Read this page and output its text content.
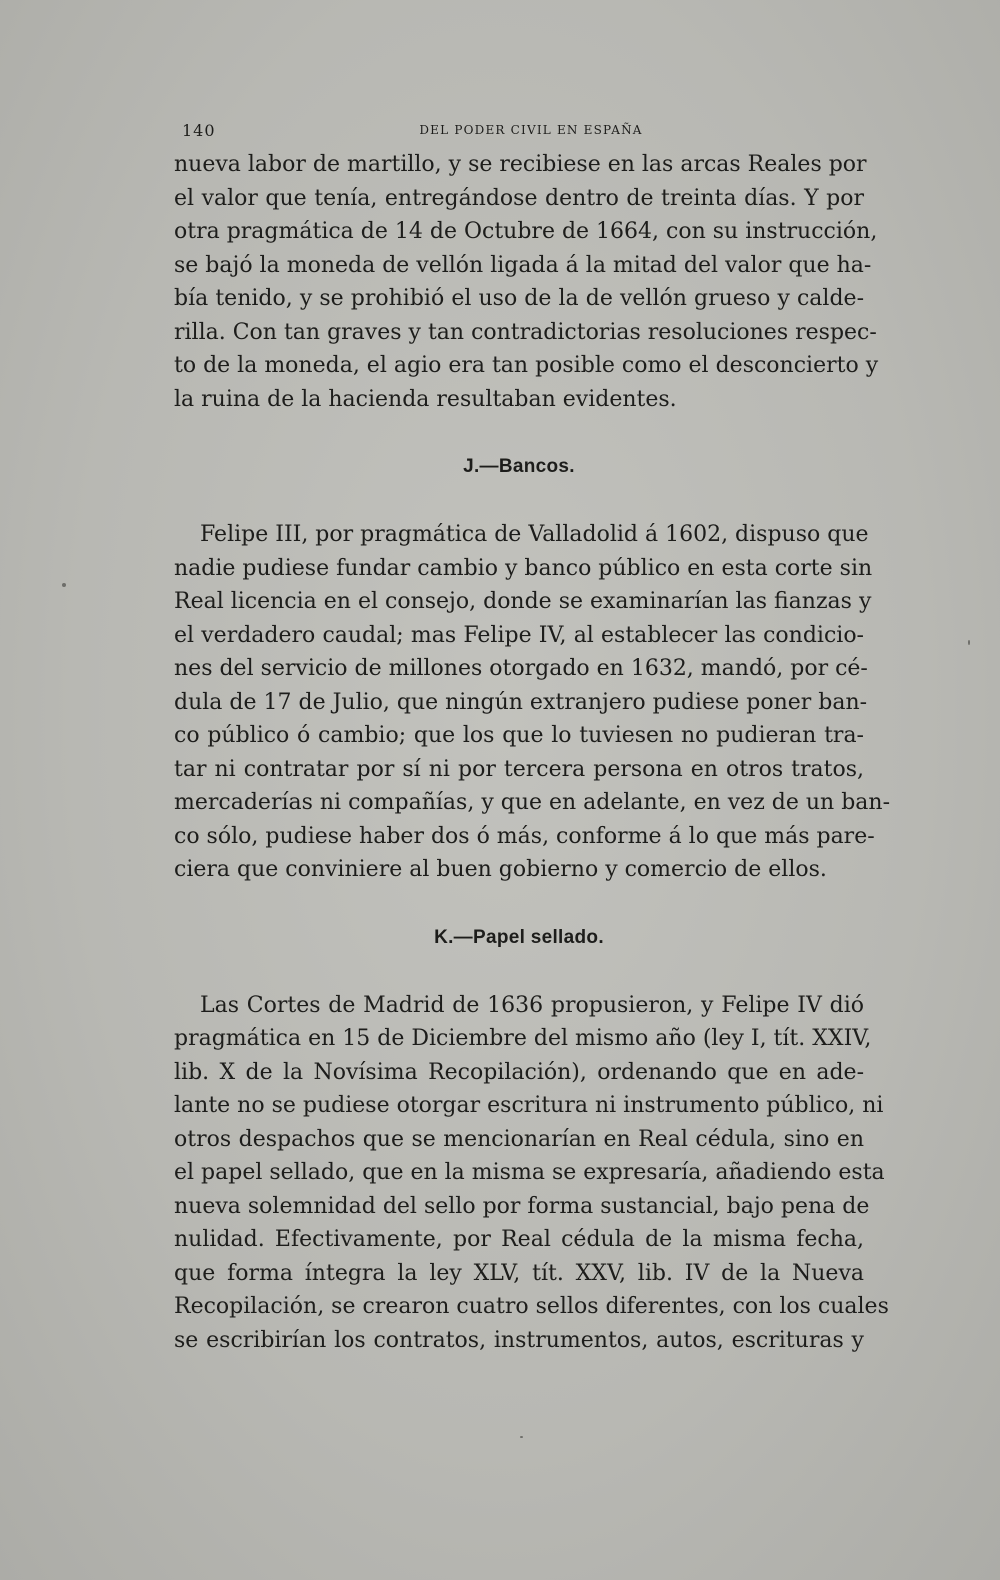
140	DEL PODER CIVIL EN ESPAÑA
nueva labor de martillo, y se recibiese en las arcas Reales por
el valor que tenía, entregándose dentro de treinta días. Y por
otra pragmática de 14 de Octubre de 1664, con su instrucción,
se bajó la moneda de vellón ligada á la mitad del valor que ha-
bía tenido, y se prohibió el uso de la de vellón grueso y calde-
rilla. Con tan graves y tan contradictorias resoluciones respec-
to de la moneda, el agio era tan posible como el desconcierto y
la ruina de la hacienda resultaban evidentes.
J.—Bancos.
Felipe III, por pragmática de Valladolid á 1602, dispuso que
nadie pudiese fundar cambio y banco público en esta corte sin
Real licencia en el consejo, donde se examinarían las fianzas y
el verdadero caudal; mas Felipe IV, al establecer las condicio-
nes del servicio de millones otorgado en 1632, mandó, por cé-
dula de 17 de Julio, que ningún extranjero pudiese poner ban-
co público ó cambio; que los que lo tuviesen no pudieran tra-
tar ni contratar por sí ni por tercera persona en otros tratos,
mercaderías ni compañías, y que en adelante, en vez de un ban-
co sólo, pudiese haber dos ó más, conforme á lo que más pare-
ciera que conviniere al buen gobierno y comercio de ellos.
K.—Papel sellado.
Las Cortes de Madrid de 1636 propusieron, y Felipe IV dió
pragmática en 15 de Diciembre del mismo año (ley I, tít. XXIV,
lib. X de la Novísima Recopilación), ordenando que en ade-
lante no se pudiese otorgar escritura ni instrumento público, ni
otros despachos que se mencionarían en Real cédula, sino en
el papel sellado, que en la misma se expresaría, añadiendo esta
nueva solemnidad del sello por forma sustancial, bajo pena de
nulidad. Efectivamente, por Real cédula de la misma fecha,
que forma íntegra la ley XLV, tít. XXV, lib. IV de la Nueva
Recopilación, se crearon cuatro sellos diferentes, con los cuales
se escribirían los contratos, instrumentos, autos, escrituras y
